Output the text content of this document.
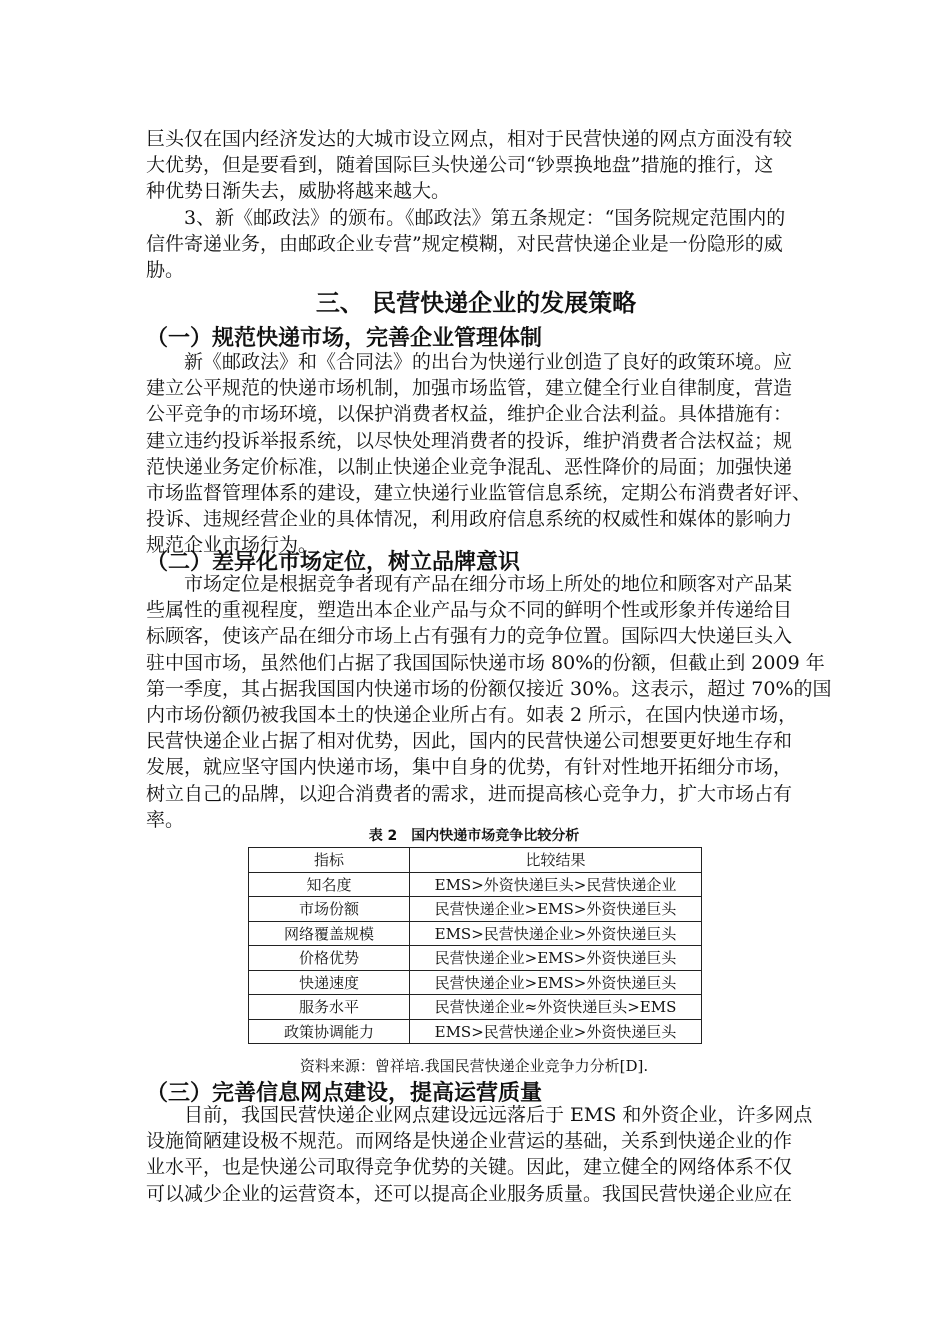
巨头仅在国内经济发达的大城市设立网点，相对于民营快递的网点方面没有较
大优势，但是要看到，随着国际巨头快递公司“钞票换地盘”措施的推行，这
种优势日渐失去，威胁将越来越大。
　　3、新《邮政法》的颁布。《邮政法》第五条规定：“国务院规定范围内的
信件寄递业务，由邮政企业专营”规定模糊，对民营快递企业是一份隐形的威
胁。
三、 民营快递企业的发展策略
（一）规范快递市场，完善企业管理体制
　　新《邮政法》和《合同法》的出台为快递行业创造了良好的政策环境。应
建立公平规范的快递市场机制，加强市场监管，建立健全行业自律制度，营造
公平竞争的市场环境，以保护消费者权益，维护企业合法利益。具体措施有：
建立违约投诉举报系统，以尽快处理消费者的投诉，维护消费者合法权益；规
范快递业务定价标准，以制止快递企业竞争混乱、恶性降价的局面；加强快递
市场监督管理体系的建设，建立快递行业监管信息系统，定期公布消费者好评、
投诉、违规经营企业的具体情况，利用政府信息系统的权威性和媒体的影响力
规范企业市场行为。
（二）差异化市场定位，树立品牌意识
　　市场定位是根据竞争者现有产品在细分市场上所处的地位和顾客对产品某
些属性的重视程度，塑造出本企业产品与众不同的鲜明个性或形象并传递给目
标顾客，使该产品在细分市场上占有强有力的竞争位置。国际四大快递巨头入
驻中国市场，虽然他们占据了我国国际快递市场 80%的份额，但截止到 2009 年
第一季度，其占据我国国内快递市场的份额仅接近 30%。这表示，超过 70%的国
内市场份额仍被我国本土的快递企业所占有。如表 2 所示，在国内快递市场，
民营快递企业占据了相对优势，因此，国内的民营快递公司想要更好地生存和
发展，就应坚守国内快递市场，集中自身的优势，有针对性地开拓细分市场，
树立自己的品牌，以迎合消费者的需求，进而提高核心竞争力，扩大市场占有
率。

表 2　国内快递市场竞争比较分析

指标	比较结果
知名度	EMS>外资快递巨头>民营快递企业
市场份额	民营快递企业>EMS>外资快递巨头
网络覆盖规模	EMS>民营快递企业>外资快递巨头
价格优势	民营快递企业>EMS>外资快递巨头
快递速度	民营快递企业>EMS>外资快递巨头
服务水平	民营快递企业≈外资快递巨头>EMS
政策协调能力	EMS>民营快递企业>外资快递巨头

资料来源：曾祥培.我国民营快递企业竞争力分析[D].

（三）完善信息网点建设，提高运营质量
　　目前，我国民营快递企业网点建设远远落后于 EMS 和外资企业，许多网点
设施简陋建设极不规范。而网络是快递企业营运的基础，关系到快递企业的作
业水平，也是快递公司取得竞争优势的关键。因此，建立健全的网络体系不仅
可以减少企业的运营资本，还可以提高企业服务质量。我国民营快递企业应在
